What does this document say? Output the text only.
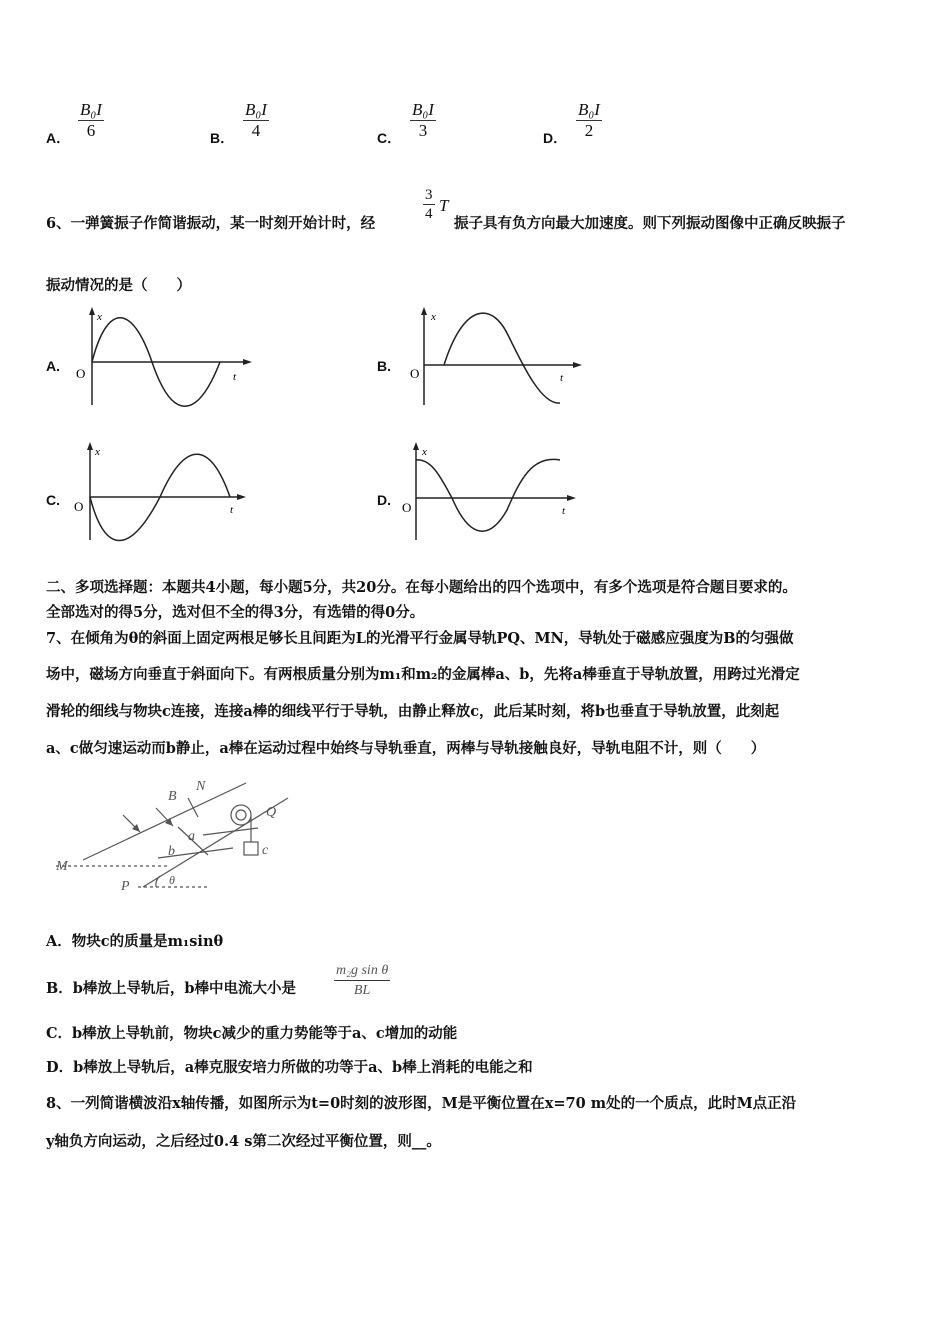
A． $\frac{\text{B₀I}}{6}$	B． $\frac{\text{B₀I}}{4}$	C． $\frac{\text{B₀I}}{3}$	D． $\frac{\text{B₀I}}{2}$
6、一弹簧振子作简谐振动，某一时刻开始计时，经
$\frac{3}{4}$ T
振子具有负方向最大加速度。则下列振动图像中正确反映振子
振动情况的是（　　）
A.	B.
C.	D.
x
t
O
x
t
O
x
t
O
x
t
O
二、多项选择题：本题共4小题，每小题5分，共20分。在每小题给出的四个选项中，有多个选项是符合题目要求的。
全部选对的得5分，选对但不全的得3分，有选错的得0分。
7、在倾角为θ的斜面上固定两根足够长且间距为L的光滑平行金属导轨PQ、MN，导轨处于磁感应强度为B的匀强做
场中，磁场方向垂直于斜面向下。有两根质量分别为m₁和m₂的金属棒a、b，先将a棒垂直于导轨放置，用跨过光滑定
滑轮的细线与物块c连接，连接a棒的细线平行于导轨，由静止释放c，此后某时刻，将b也垂直于导轨放置，此刻起
a、c做匀速运动而b静止，a棒在运动过程中始终与导轨垂直，两棒与导轨接触良好，导轨电阻不计，则（　　）
N
B
Q
a
b	c
M
P	θ
A．物块c的质量是m₁sinθ
B．b棒放上导轨后，b棒中电流大小是	$\frac{\text{m₂g sin θ}}{BL}$
C．b棒放上导轨前，物块c减少的重力势能等于a、c增加的动能
D．b棒放上导轨后，a棒克服安培力所做的功等于a、b棒上消耗的电能之和
8、一列简谐横波沿x轴传播，如图所示为t=0时刻的波形图，M是平衡位置在x=70 m处的一个质点，此时M点正沿
y轴负方向运动，之后经过0.4 s第二次经过平衡位置，则__。
